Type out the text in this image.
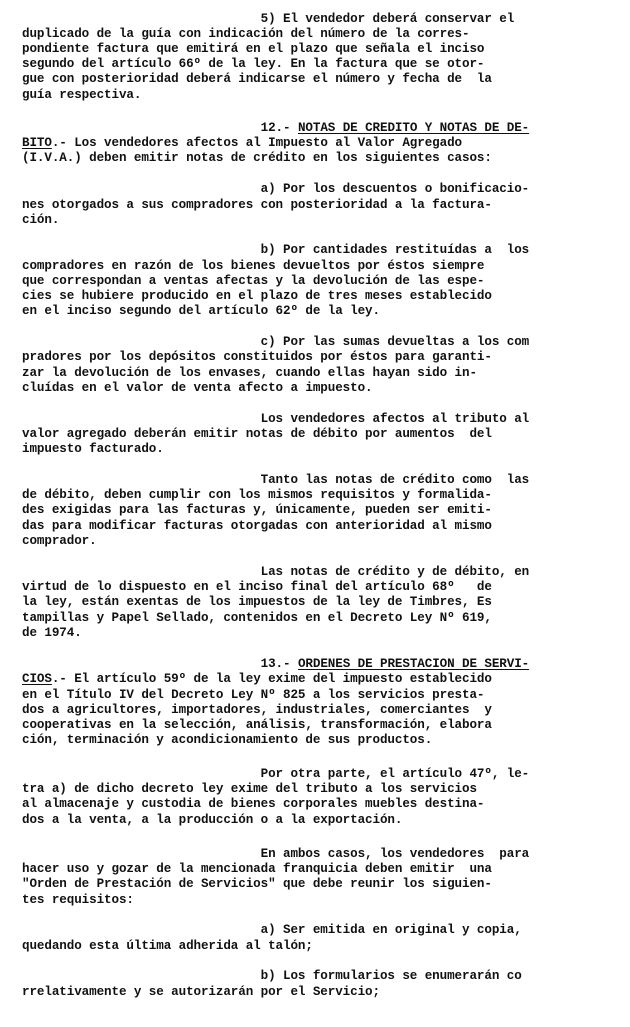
5) El vendedor deberá conservar el
duplicado de la guía con indicación del número de la corres-
pondiente factura que emitirá en el plazo que señala el inciso
segundo del artículo 66º de la ley. En la factura que se otor-
gue con posterioridad deberá indicarse el número y fecha de  la
guía respectiva.
12.- NOTAS DE CREDITO Y NOTAS DE DE-
BITO.- Los vendedores afectos al Impuesto al Valor Agregado
(I.V.A.) deben emitir notas de crédito en los siguientes casos:
a) Por los descuentos o bonificacio-
nes otorgados a sus compradores con posterioridad a la factura-
ción.
b) Por cantidades restituídas a  los
compradores en razón de los bienes devueltos por éstos siempre
que correspondan a ventas afectas y la devolución de las espe-
cies se hubiere producido en el plazo de tres meses establecido
en el inciso segundo del artículo 62º de la ley.
c) Por las sumas devueltas a los com
pradores por los depósitos constituidos por éstos para garanti-
zar la devolución de los envases, cuando ellas hayan sido in-
cluídas en el valor de venta afecto a impuesto.
Los vendedores afectos al tributo al
valor agregado deberán emitir notas de débito por aumentos  del
impuesto facturado.
Tanto las notas de crédito como  las
de débito, deben cumplir con los mismos requisitos y formalida-
des exigidas para las facturas y, únicamente, pueden ser emiti-
das para modificar facturas otorgadas con anterioridad al mismo
comprador.
Las notas de crédito y de débito, en
virtud de lo dispuesto en el inciso final del artículo 68º   de
la ley, están exentas de los impuestos de la ley de Timbres, Es
tampillas y Papel Sellado, contenidos en el Decreto Ley Nº 619,
de 1974.
13.- ORDENES DE PRESTACION DE SERVI-
CIOS.- El artículo 59º de la ley exime del impuesto establecido
en el Título IV del Decreto Ley Nº 825 a los servicios presta-
dos a agricultores, importadores, industriales, comerciantes  y
cooperativas en la selección, análisis, transformación, elabora
ción, terminación y acondicionamiento de sus productos.
Por otra parte, el artículo 47º, le-
tra a) de dicho decreto ley exime del tributo a los servicios
al almacenaje y custodia de bienes corporales muebles destina-
dos a la venta, a la producción o a la exportación.
En ambos casos, los vendedores  para
hacer uso y gozar de la mencionada franquicia deben emitir  una
"Orden de Prestación de Servicios" que debe reunir los siguien-
tes requisitos:
a) Ser emitida en original y copia,
quedando esta última adherida al talón;
b) Los formularios se enumerarán co
rrelativamente y se autorizarán por el Servicio;
